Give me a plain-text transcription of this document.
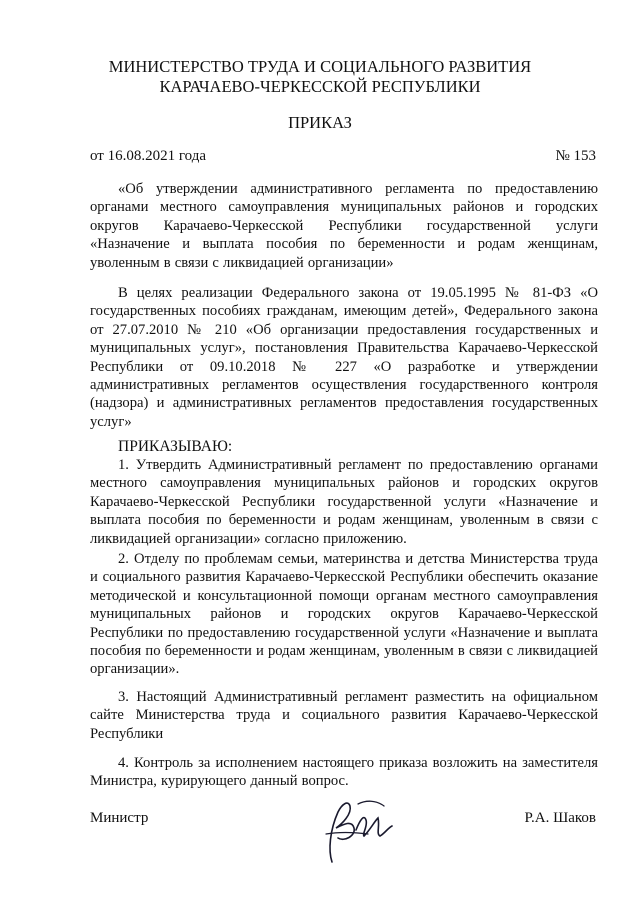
МИНИСТЕРСТВО ТРУДА И СОЦИАЛЬНОГО РАЗВИТИЯ
КАРАЧАЕВО-ЧЕРКЕССКОЙ РЕСПУБЛИКИ
ПРИКАЗ
от 16.08.2021 года	№ 153
«Об утверждении административного регламента по предоставлению органами местного самоуправления муниципальных районов и городских округов Карачаево-Черкесской Республики государственной услуги «Назначение и выплата пособия по беременности и родам женщинам, уволенным в связи с ликвидацией организации»
В целях реализации Федерального закона от 19.05.1995 № 81-ФЗ «О государственных пособиях гражданам, имеющим детей», Федерального закона от 27.07.2010 № 210 «Об организации предоставления государственных и муниципальных услуг», постановления Правительства Карачаево-Черкесской Республики от 09.10.2018 № 227 «О разработке и утверждении административных регламентов осуществления государственного контроля (надзора) и административных регламентов предоставления государственных услуг»
ПРИКАЗЫВАЮ:
1. Утвердить Административный регламент по предоставлению органами местного самоуправления муниципальных районов и городских округов Карачаево-Черкесской Республики государственной услуги «Назначение и выплата пособия по беременности и родам женщинам, уволенным в связи с ликвидацией организации» согласно приложению.
2. Отделу по проблемам семьи, материнства и детства Министерства труда и социального развития Карачаево-Черкесской Республики обеспечить оказание методической и консультационной помощи органам местного самоуправления муниципальных районов и городских округов Карачаево-Черкесской Республики по предоставлению государственной услуги «Назначение и выплата пособия по беременности и родам женщинам, уволенным в связи с ликвидацией организации».
3. Настоящий Административный регламент разместить на официальном сайте Министерства труда и социального развития Карачаево-Черкесской Республики
4. Контроль за исполнением настоящего приказа возложить на заместителя Министра, курирующего данный вопрос.
Министр	Р.А. Шаков
